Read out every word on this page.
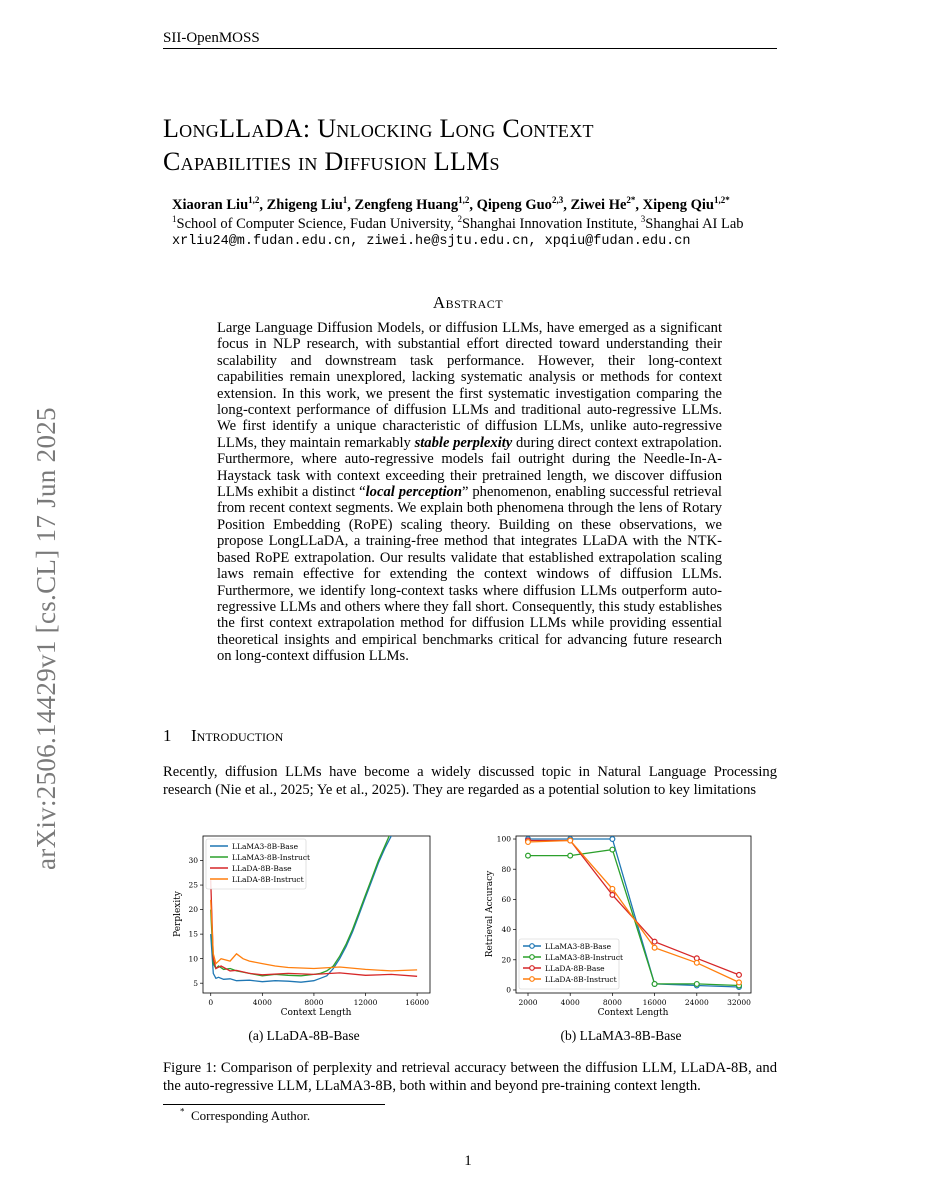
SII-OpenMOSS
arXiv:2506.14429v1 [cs.CL] 17 Jun 2025
LongLLaDA: Unlocking Long Context
Capabilities in Diffusion LLMs
Xiaoran Liu$^{1,2}$, Zhigeng Liu$^1$, Zengfeng Huang$^{1,2}$, Qipeng Guo$^{2,3}$, Ziwei $He^{2*}$, Xipeng Qiu$^{1,2*}$
$^1$School of Computer Science, Fudan University, $^2$Shanghai Innovation Institute, $^3$Shanghai AI Lab
xrliu24@m.fudan.edu.cn, ziwei.he@sjtu.edu.cn, xpqiu@fudan.edu.cn
Abstract

Large Language Diffusion Models, or diffusion LLMs, have emerged as a significant focus in NLP research, with substantial effort directed toward understanding their scalability and downstream task performance. However, their long-context capabilities remain unexplored, lacking systematic analysis or methods for context extension. In this work, we present the first systematic investigation comparing the long-context performance of diffusion LLMs and traditional auto-regressive LLMs. We first identify a unique characteristic of diffusion LLMs, unlike auto-regressive LLMs, they maintain remarkably stable perplexity during direct context extrapolation. Furthermore, where auto-regressive models fail outright during the Needle-In-A-Haystack task with context exceeding their pretrained length, we discover diffusion LLMs exhibit a distinct “local perception” phenomenon, enabling successful retrieval from recent context segments. We explain both phenomena through the lens of Rotary Position Embedding (RoPE) scaling theory. Building on these observations, we propose LongLLaDA, a training-free method that integrates LLaDA with the NTK-based RoPE extrapolation. Our results validate that established extrapolation scaling laws remain effective for extending the context windows of diffusion LLMs. Furthermore, we identify long-context tasks where diffusion LLMs outperform auto-regressive LLMs and others where they fall short. Consequently, this study establishes the first context extrapolation method for diffusion LLMs while providing essential theoretical insights and empirical benchmarks critical for advancing future research on long-context diffusion LLMs.

1 Introduction

Recently, diffusion LLMs have become a widely discussed topic in Natural Language Processing research (Nie et al., 2025; Ye et al., 2025). They are regarded as a potential solution to key limitations

0	4000	8000	12000	16000
5
10
15
20
25
30
Context Length
Perplexity
LLaMA3-8B-Base
LLaMA3-8B-Instruct
LLaDA-8B-Base
LLaDA-8B-Instruct
2000	4000	8000	16000 24000 32000
0
20
40
60
80
100
Context Length
Retrieval Accuracy	LLaMA3-8B-Base
LLaMA3-8B-Instruct
LLaDA-8B-Base
LLaDA-8B-Instruct
(a) LLaDA-8B-Base	(b) LLaMA3-8B-Base

Figure 1: Comparison of perplexity and retrieval accuracy between the diffusion LLM, LLaDA-8B, and the auto-regressive LLM, LLaMA3-8B, both within and beyond pre-training context length.

* Corresponding Author.
1
